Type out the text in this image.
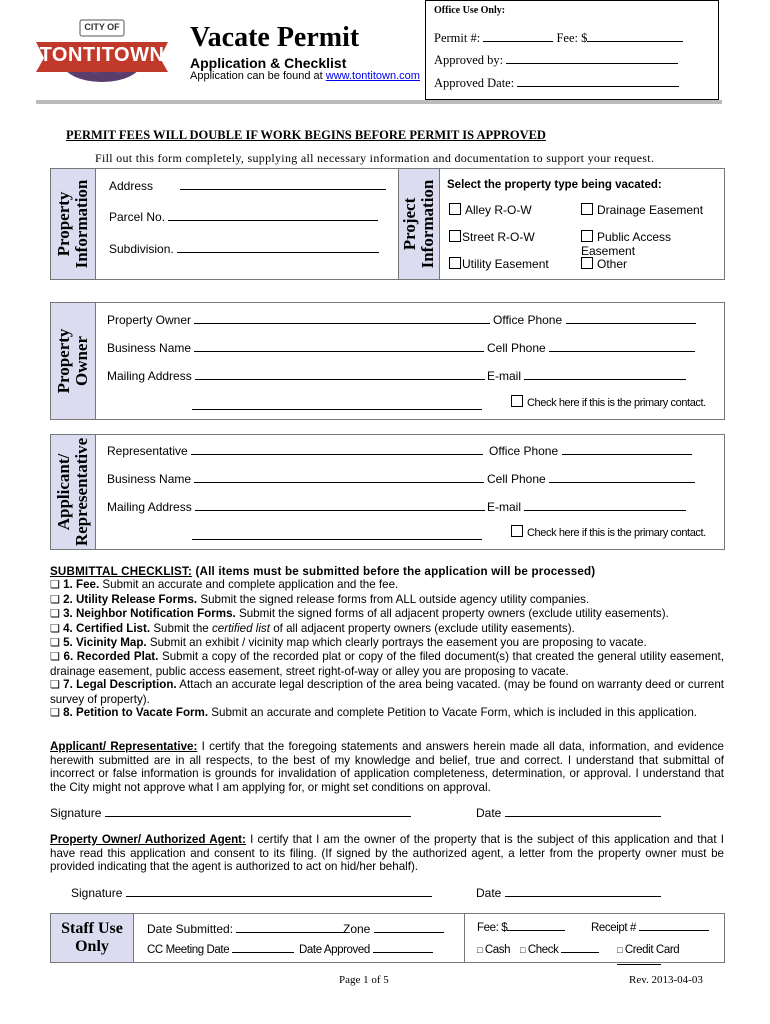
CITY OF
TONTITOWN
Vacate Permit
Application & Checklist
Application can be found at www.tontitown.com
Office Use Only:
Permit #:	Fee: $
Approved by:
Approved Date:
PERMIT FEES WILL DOUBLE IF WORK BEGINS BEFORE PERMIT IS APPROVED
Fill out this form completely, supplying all necessary information and documentation to support your request.
Property Information Address
Parcel No.
Subdivision.	Project Information Select the property type being vacated:
Alley R-O-W	Drainage Easement
Street R-O-W	Public Access Easement
Utility Easement	Other
Property Owner
Property Owner	Office Phone
Business Name	Cell Phone
Mailing Address	E-mail
Check here if this is the primary contact.
Applicant/ Representative Representative	Office Phone
Business Name	Cell Phone
Mailing Address	E-mail
Check here if this is the primary contact.

SUBMITTAL CHECKLIST: (All items must be submitted before the application will be processed)

❏ 1. Fee. Submit an accurate and complete application and the fee.

❏ 2. Utility Release Forms. Submit the signed release forms from ALL outside agency utility companies.

❏ 3. Neighbor Notification Forms. Submit the signed forms of all adjacent property owners (exclude utility easements).

❏ 4. Certified List. Submit the certified list of all adjacent property owners (exclude utility easements).

❏ 5. Vicinity Map. Submit an exhibit / vicinity map which clearly portrays the easement you are proposing to vacate.

❏ 6. Recorded Plat. Submit a copy of the recorded plat or copy of the filed document(s) that created the general utility easement, drainage easement, public access easement, street right-of-way or alley you are proposing to vacate.

❏ 7. Legal Description. Attach an accurate legal description of the area being vacated. (may be found on warranty deed or current survey of property).

❏ 8. Petition to Vacate Form. Submit an accurate and complete Petition to Vacate Form, which is included in this application.

Applicant/ Representative: I certify that the foregoing statements and answers herein made all data, information, and evidence herewith submitted are in all respects, to the best of my knowledge and belief, true and correct. I understand that submittal of incorrect or false information is grounds for invalidation of application completeness, determination, or approval. I understand that the City might not approve what I am applying for, or might set conditions on approval.
Signature	Date
Property Owner/ Authorized Agent: I certify that I am the owner of the property that is the subject of this application and that I have read this application and consent to its filing. (If signed by the authorized agent, a letter from the property owner must be provided indicating that the agent is authorized to act on hid/her behalf).
Signature	Date
Staff Use
Only
Date Submitted:	Zone
CC Meeting Date	Date Approved
Fee: $	Receipt #
□ Cash □ Check	□ Credit Card
Page 1 of 5	Rev. 2013-04-03
